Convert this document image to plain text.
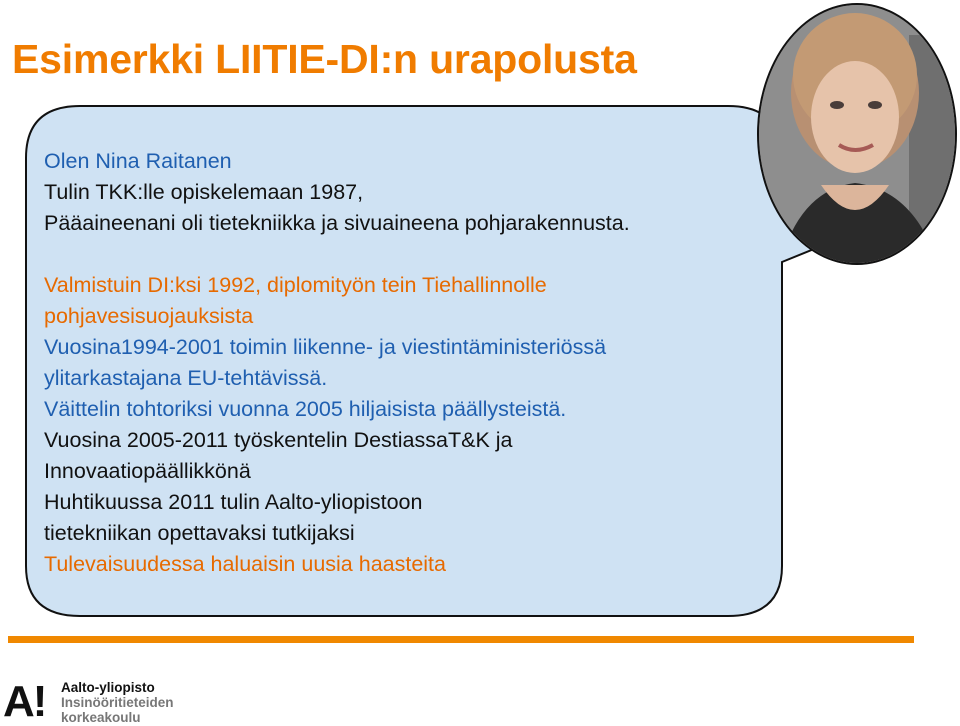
Esimerkki LIITIE-DI:n urapolusta
Olen Nina Raitanen
Tulin TKK:lle opiskelemaan 1987,
Pääaineenani oli tietekniikka ja sivuaineena pohjarakennusta.
Valmistuin DI:ksi 1992, diplomityön tein Tiehallinnolle
pohjavesisuojauksista
Vuosina1994-2001 toimin liikenne- ja viestintäministeriössä
ylitarkastajana EU-tehtävissä.
Väittelin tohtoriksi vuonna 2005 hiljaisista päällysteistä.
Vuosina 2005-2011 työskentelin DestiassaT&K ja
Innovaatiopäällikkönä
Huhtikuussa 2011 tulin Aalto-yliopistoon
tietekniikan opettavaksi tutkijaksi
Tulevaisuudessa haluaisin uusia haasteita
A! Aalto-yliopisto
Insinööritieteiden
korkeakoulu
